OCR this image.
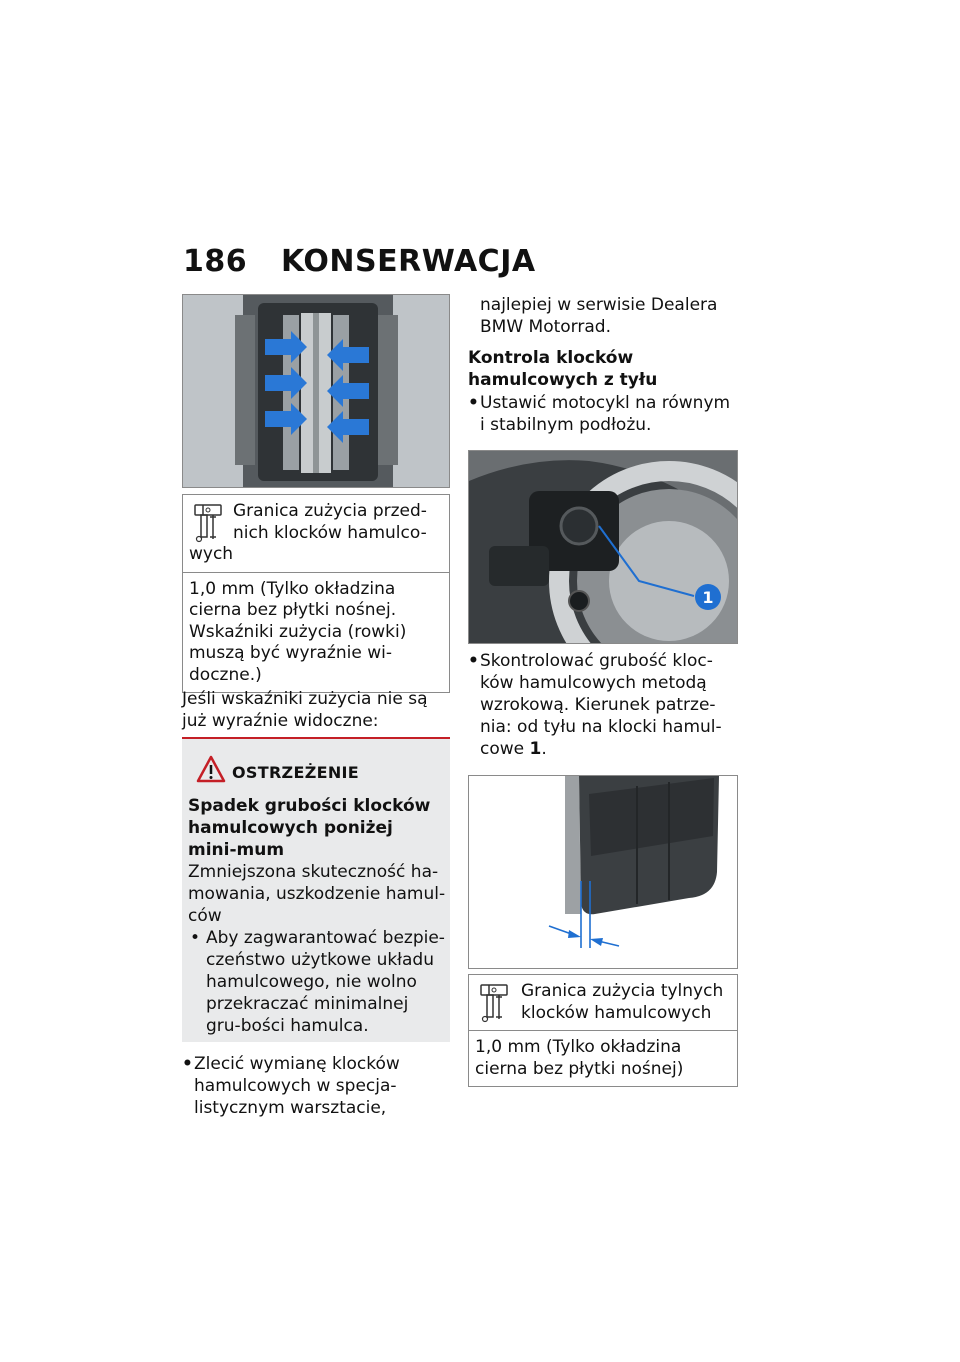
186 KONSERWACJA
Granica zużycia przed-
nich klocków hamulco-
wych
1,0 mm (Tylko okładzina cierna bez płytki nośnej. Wskaźniki zużycia (rowki) muszą być wyraźnie wi-doczne.)
Jeśli wskaźniki zużycia nie są już wyraźnie widoczne:
OSTRZEŻENIE
Spadek grubości klocków hamulcowych poniżej mini-mum
Zmniejszona skuteczność ha-mowania, uszkodzenie hamul-ców
• Aby zagwarantować bezpie-czeństwo użytkowe układu hamulcowego, nie wolno przekraczać minimalnej gru-bości hamulca.
• Zlecić wymianę klocków hamulcowych w specja-listycznym warsztacie,
najlepiej w serwisie Dealera BMW Motorrad.
Kontrola klocków hamulcowych z tyłu
• Ustawić motocykl na równym i stabilnym podłożu.
1
• Skontrolować grubość kloc-ków hamulcowych metodą wzrokową. Kierunek patrze-nia: od tyłu na klocki hamul-cowe 1.
Granica zużycia tylnych klocków hamulcowych
1,0 mm (Tylko okładzina cierna bez płytki nośnej)
